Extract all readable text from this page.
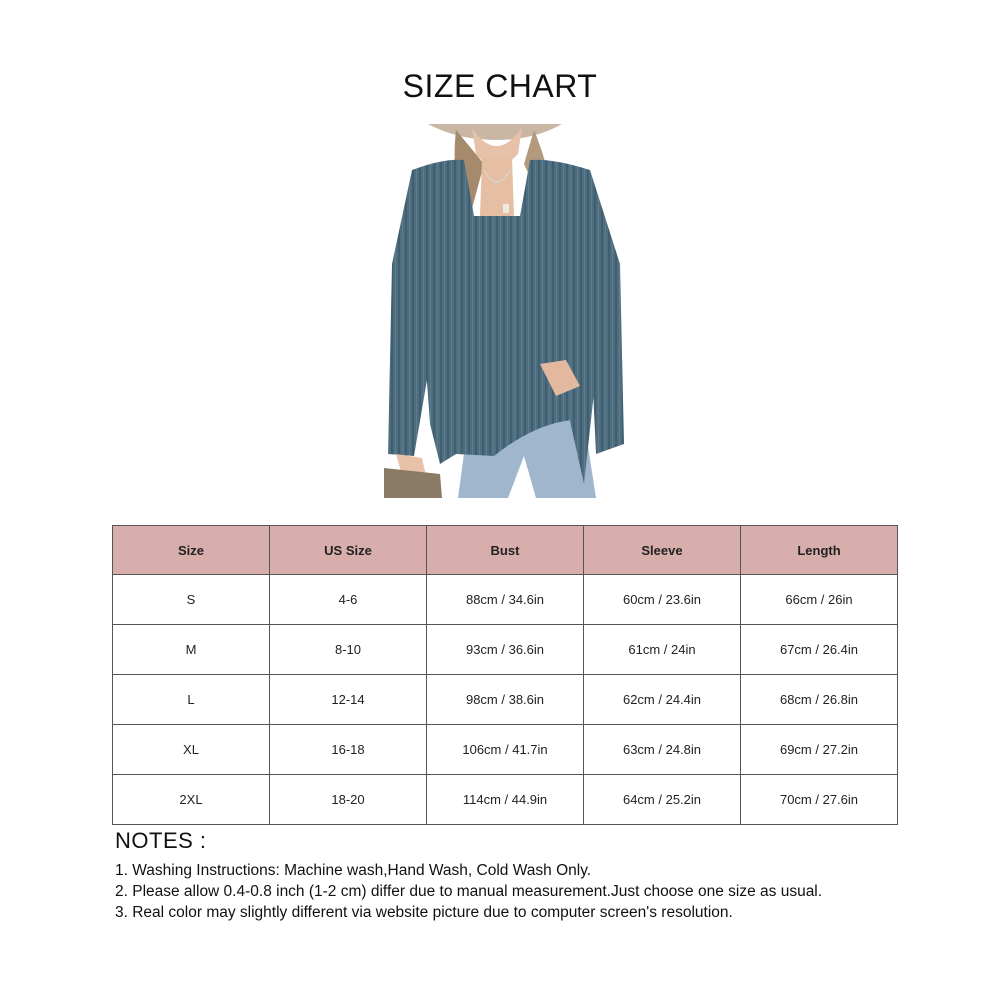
SIZE CHART
Size	US Size	Bust	Sleeve	Length
S	4-6	88cm / 34.6in	60cm / 23.6in	66cm / 26in
M	8-10	93cm / 36.6in	61cm / 24in	67cm / 26.4in
L	12-14	98cm / 38.6in	62cm / 24.4in	68cm / 26.8in
XL	16-18	106cm / 41.7in	63cm / 24.8in	69cm / 27.2in
2XL	18-20	114cm / 44.9in	64cm / 25.2in	70cm / 27.6in
NOTES :
1. Washing Instructions: Machine wash,Hand Wash, Cold Wash Only.
2. Please allow 0.4-0.8 inch (1-2 cm) differ due to manual measurement.Just choose one size as usual.
3. Real color may slightly different via website picture due to computer screen's resolution.
